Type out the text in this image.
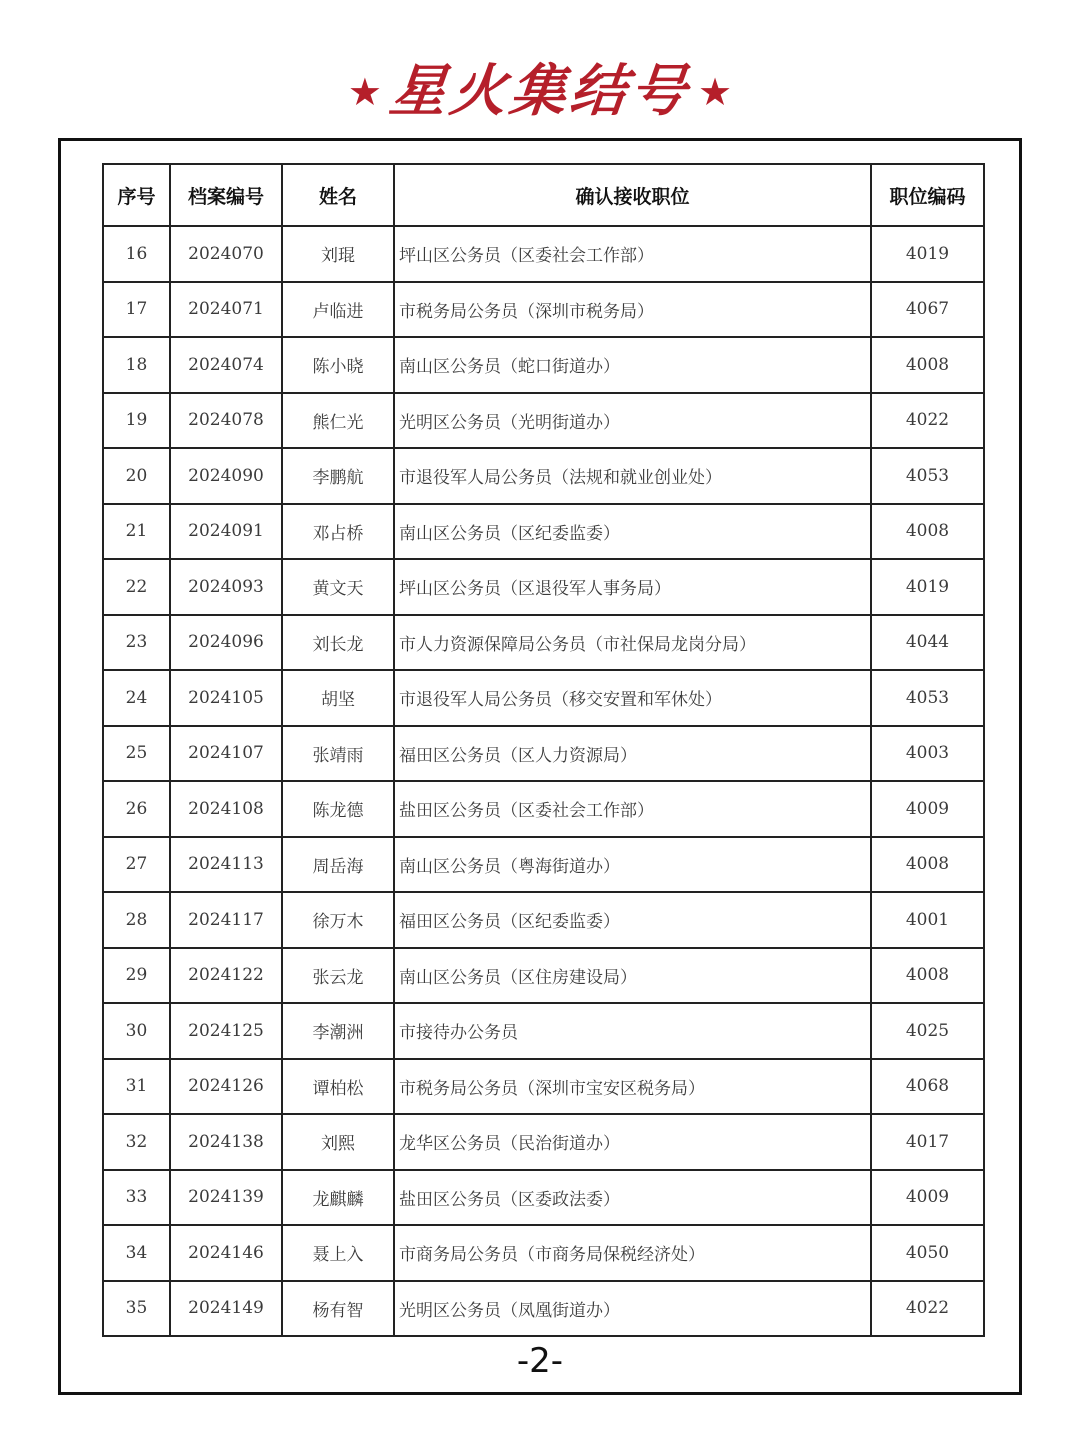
★ 星火集结号 ★
序号	档案编号	姓名	确认接收职位	职位编码
16	2024070	刘琨	坪山区公务员（区委社会工作部）	4019
17	2024071	卢临进	市税务局公务员（深圳市税务局）	4067
18	2024074	陈小晓	南山区公务员（蛇口街道办）	4008
19	2024078	熊仁光	光明区公务员（光明街道办）	4022
20	2024090	李鹏航	市退役军人局公务员（法规和就业创业处）	4053
21	2024091	邓占桥	南山区公务员（区纪委监委）	4008
22	2024093	黄文天	坪山区公务员（区退役军人事务局）	4019
23	2024096	刘长龙	市人力资源保障局公务员（市社保局龙岗分局）	4044
24	2024105	胡坚	市退役军人局公务员（移交安置和军休处）	4053
25	2024107	张靖雨	福田区公务员（区人力资源局）	4003
26	2024108	陈龙德	盐田区公务员（区委社会工作部）	4009
27	2024113	周岳海	南山区公务员（粤海街道办）	4008
28	2024117	徐万木	福田区公务员（区纪委监委）	4001
29	2024122	张云龙	南山区公务员（区住房建设局）	4008
30	2024125	李潮洲	市接待办公务员	4025
31	2024126	谭柏松	市税务局公务员（深圳市宝安区税务局）	4068
32	2024138	刘熙	龙华区公务员（民治街道办）	4017
33	2024139	龙麒麟	盐田区公务员（区委政法委）	4009
34	2024146	聂上入	市商务局公务员（市商务局保税经济处）	4050
35	2024149	杨有智	光明区公务员（凤凰街道办）	4022
-2-
